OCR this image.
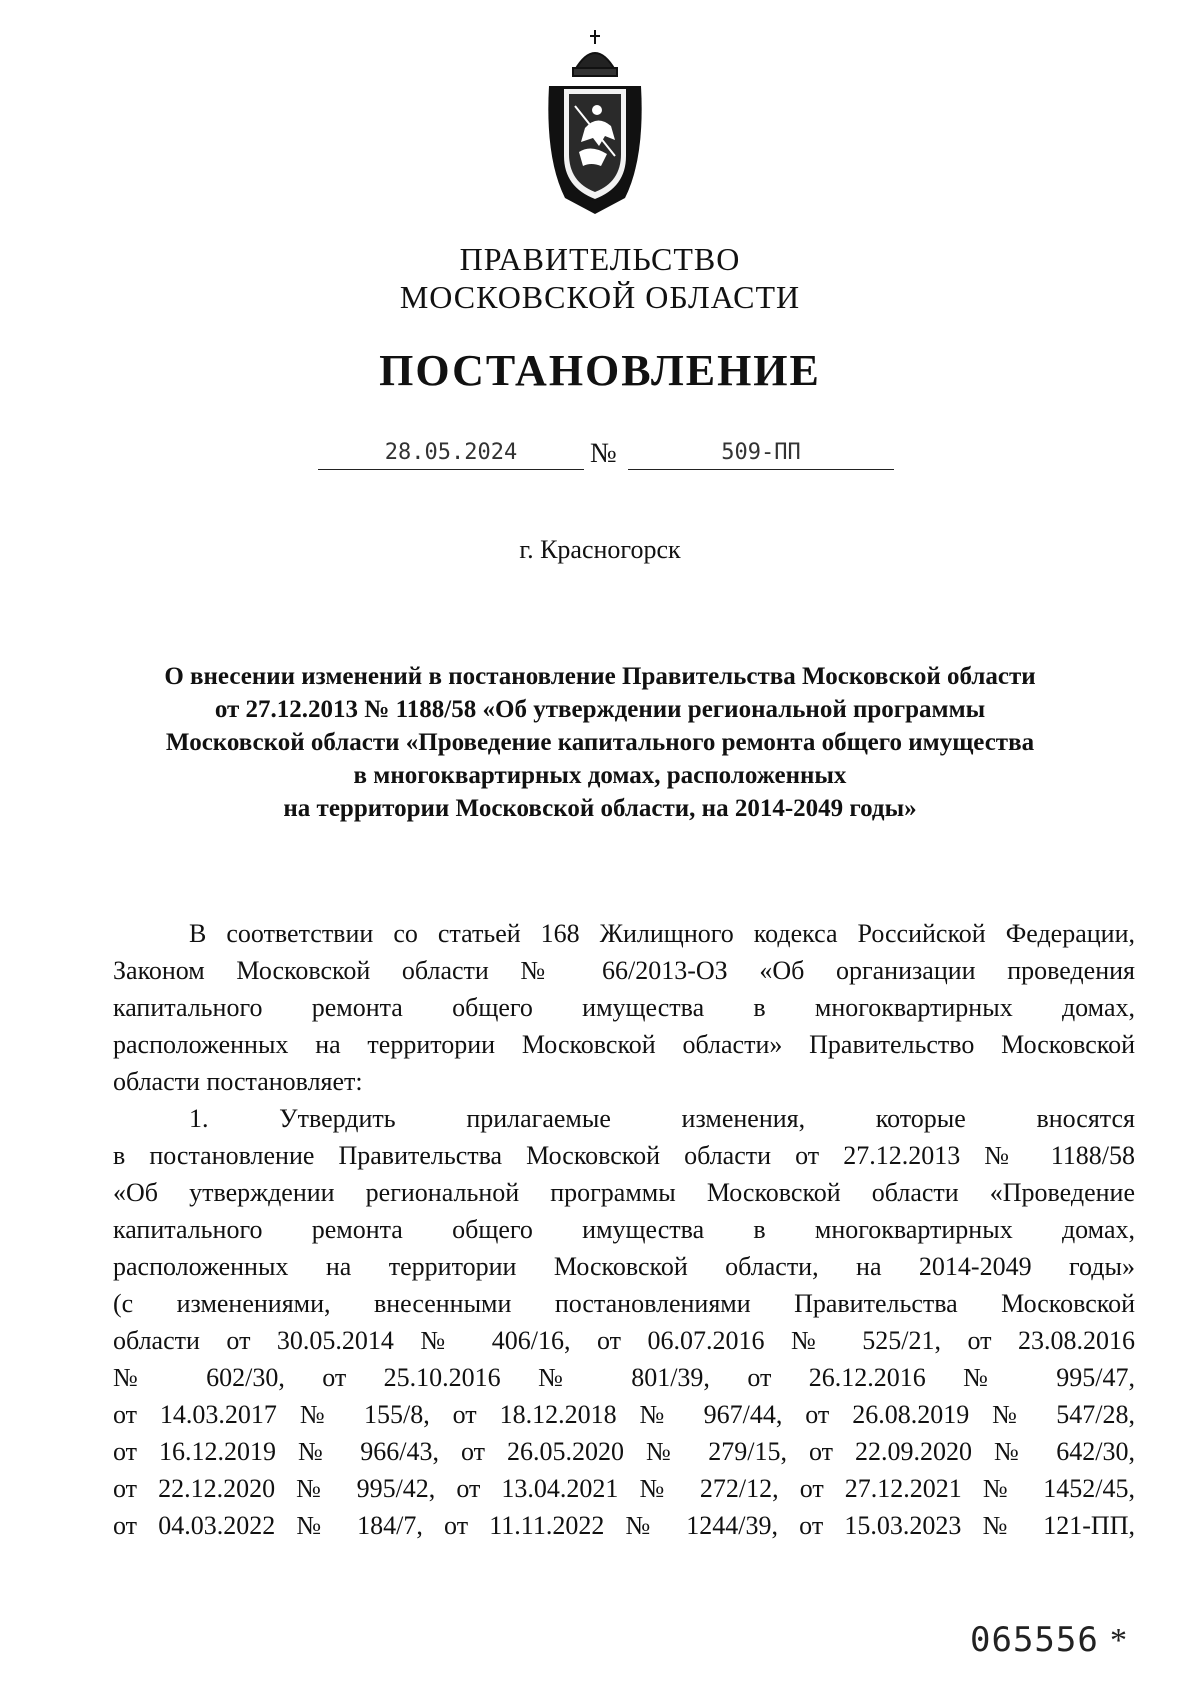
ПРАВИТЕЛЬСТВО
МОСКОВСКОЙ ОБЛАСТИ
ПОСТАНОВЛЕНИЕ
28.05.2024	№	509-ПП
г. Красногорск
О внесении изменений в постановление Правительства Московской области
от 27.12.2013 № 1188/58 «Об утверждении региональной программы
Московской области «Проведение капитального ремонта общего имущества
в многоквартирных домах, расположенных
на территории Московской области, на 2014-2049 годы»
В соответствии со статьей 168 Жилищного кодекса Российской Федерации,
Законом Московской области № 66/2013-ОЗ «Об организации проведения
капитального ремонта общего имущества в многоквартирных домах,
расположенных на территории Московской области» Правительство Московской
области постановляет:
1. Утвердить прилагаемые изменения, которые вносятся
в постановление Правительства Московской области от 27.12.2013 № 1188/58
«Об утверждении региональной программы Московской области «Проведение
капитального ремонта общего имущества в многоквартирных домах,
расположенных на территории Московской области, на 2014-2049 годы»
(с изменениями, внесенными постановлениями Правительства Московской
области от 30.05.2014 № 406/16, от 06.07.2016 № 525/21, от 23.08.2016
№ 602/30, от 25.10.2016 № 801/39, от 26.12.2016 № 995/47,
от 14.03.2017 № 155/8, от 18.12.2018 № 967/44, от 26.08.2019 № 547/28,
от 16.12.2019 № 966/43, от 26.05.2020 № 279/15, от 22.09.2020 № 642/30,
от 22.12.2020 № 995/42, от 13.04.2021 № 272/12, от 27.12.2021 № 1452/45,
от 04.03.2022 № 184/7, от 11.11.2022 № 1244/39, от 15.03.2023 № 121-ПП,
065556 *
